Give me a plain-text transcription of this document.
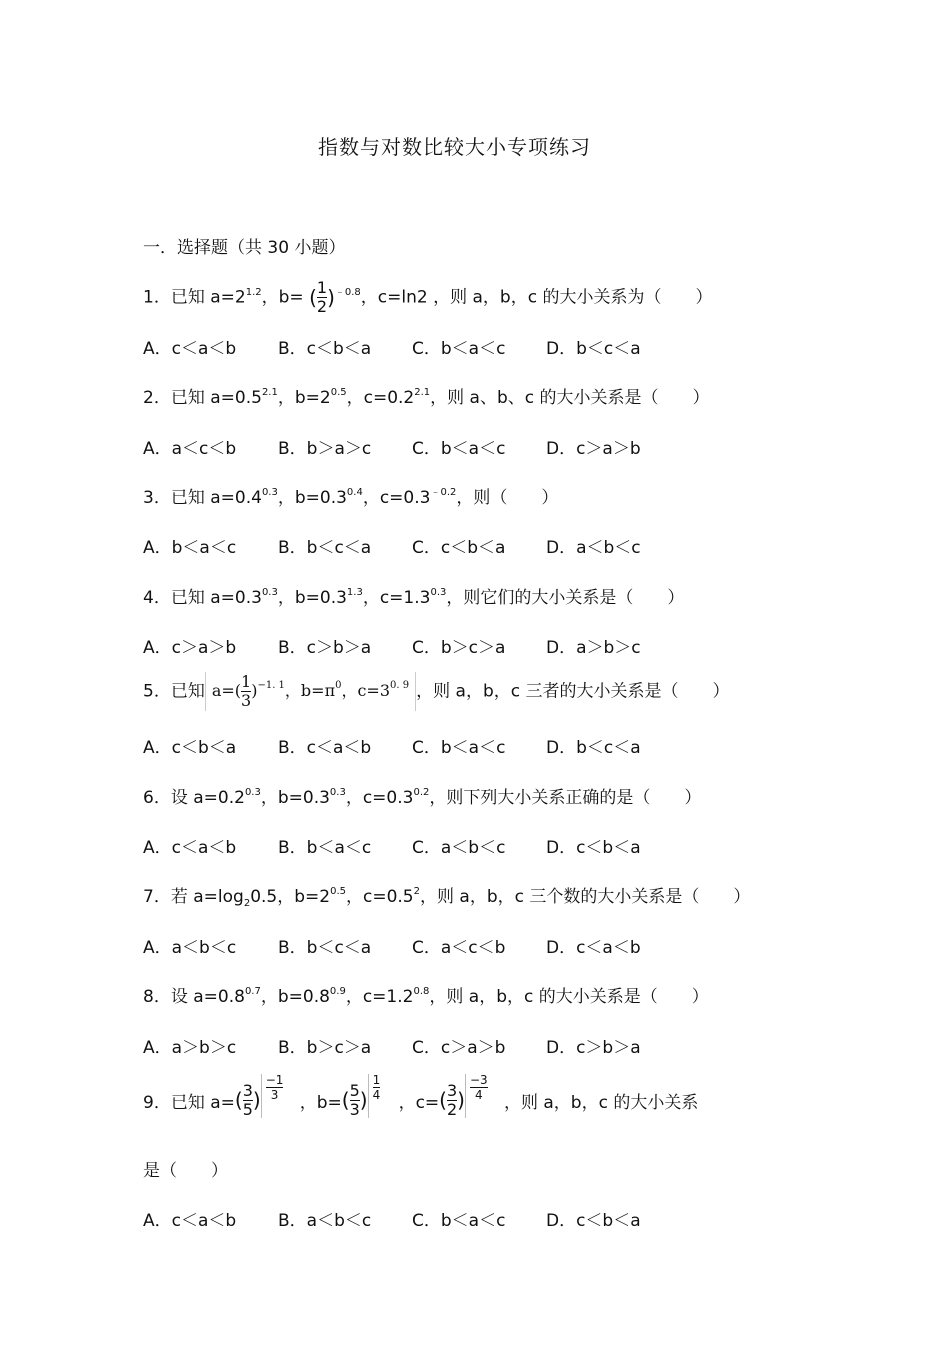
指数与对数比较大小专项练习
一．选择题（共 30 小题）
1．已知 $a=2^{1.2}$，b= ( $\frac{1}{2} )^{﹣0.8}$，c=ln2 ，则 a，b，c 的大小关系为（　　）
A．c＜a＜b B．c＜b＜a C．b＜a＜c D．b＜c＜a
2．已知 $a=0.5^{2.1}$，$b=2^{0.5}$，$c=0.2^{2.1}$，则 a、b、c 的大小关系是（　　）
A．a＜c＜b B．b＞a＞c C．b＜a＜c D．c＞a＞b
3．已知 $a=0.4^{0.3}$，$b=0.3^{0.4}$，$c=0.3^{﹣0.2}$，则（　　）
A．b＜a＜c B．b＜c＜a C．c＜b＜a D．a＜b＜c
4．已知 $a=0.3^{0.3}$，$b=0.3^{1.3}$，$c=1.3^{0.3}$，则它们的大小关系是（　　）
A．c＞a＞b B．c＞b＞a C．b＞c＞a D．a＞b＞c
5．已知 $a=( \frac{1}{3} )^{-1. 1}$，$b=\pi^0$，$c=3^{0. 9}$ ，则 a，b，c 三者的大小关系是（　　）
A．c＜b＜a B．c＜a＜b C．b＜a＜c D．b＜c＜a
6．设 $a=0.2^{0.3}$，$b=0.3^{0.3}$，$c=0.3^{0.2}$，则下列大小关系正确的是（　　）
A．c＜a＜b B．b＜a＜c C．a＜b＜c D．c＜b＜a
7．若 $a=\log_20.5$，$b=2^{0.5}$，$c=0.5^2$，则 a，b，c 三个数的大小关系是（　　）
A．a＜b＜c B．b＜c＜a C．a＜c＜b D．c＜a＜b
8．设 $a=0.8^{0.7}$，$b=0.8^{0.9}$，$c=1.2^{0.8}$，则 a，b，c 的大小关系是（　　）
A．a＞b＞c B．b＞c＞a C．c＞a＞b D．c＞b＞a
9． 已知 a= ( $\frac{3}{5}$ ) $\frac{-1}{3}$
，b= ( $\frac{5}{3}$ ) $\frac{1}{4}$
，c= ( $\frac{3}{2}$ ) $\frac{-3}{4}$
，则 a，b，c 的大小关系
是（　　）
A．c＜a＜b B．a＜b＜c C．b＜a＜c D．c＜b＜a
